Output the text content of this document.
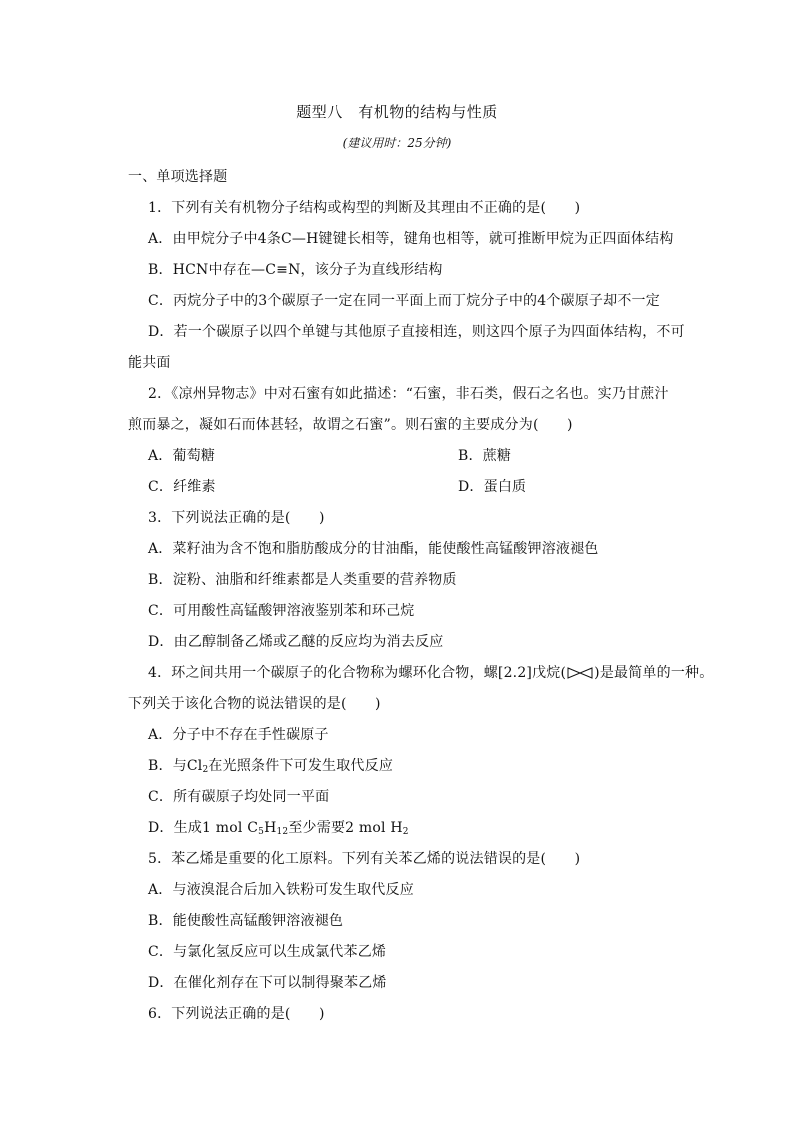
题型八　有机物的结构与性质
(建议用时：25分钟)
一、单项选择题
1．下列有关有机物分子结构或构型的判断及其理由不正确的是(　　)
A．由甲烷分子中4条C—H键键长相等，键角也相等，就可推断甲烷为正四面体结构
B．HCN中存在—C≡N，该分子为直线形结构
C．丙烷分子中的3个碳原子一定在同一平面上而丁烷分子中的4个碳原子却不一定
D．若一个碳原子以四个单键与其他原子直接相连，则这四个原子为四面体结构，不可
能共面
2．《凉州异物志》中对石蜜有如此描述：“石蜜，非石类，假石之名也。实乃甘蔗汁
煎而暴之，凝如石而体甚轻，故谓之石蜜”。则石蜜的主要成分为(　　)
A．葡萄糖	B．蔗糖
C．纤维素	D．蛋白质
3．下列说法正确的是(　　)
A．菜籽油为含不饱和脂肪酸成分的甘油酯，能使酸性高锰酸钾溶液褪色
B．淀粉、油脂和纤维素都是人类重要的营养物质
C．可用酸性高锰酸钾溶液鉴别苯和环己烷
D．由乙醇制备乙烯或乙醚的反应均为消去反应
4．环之间共用一个碳原子的化合物称为螺环化合物，螺[2.2]戊烷( )是最简单的一种。
下列关于该化合物的说法错误的是(　　)
A．分子中不存在手性碳原子
B．与$Cl_2$在光照条件下可发生取代反应
C．所有碳原子均处同一平面
D．生成1 mol $C_5H_{12}$至少需要2 mol $H_2$
5．苯乙烯是重要的化工原料。下列有关苯乙烯的说法错误的是(　　)
A．与液溴混合后加入铁粉可发生取代反应
B．能使酸性高锰酸钾溶液褪色
C．与氯化氢反应可以生成氯代苯乙烯
D．在催化剂存在下可以制得聚苯乙烯
6．下列说法正确的是(　　)
